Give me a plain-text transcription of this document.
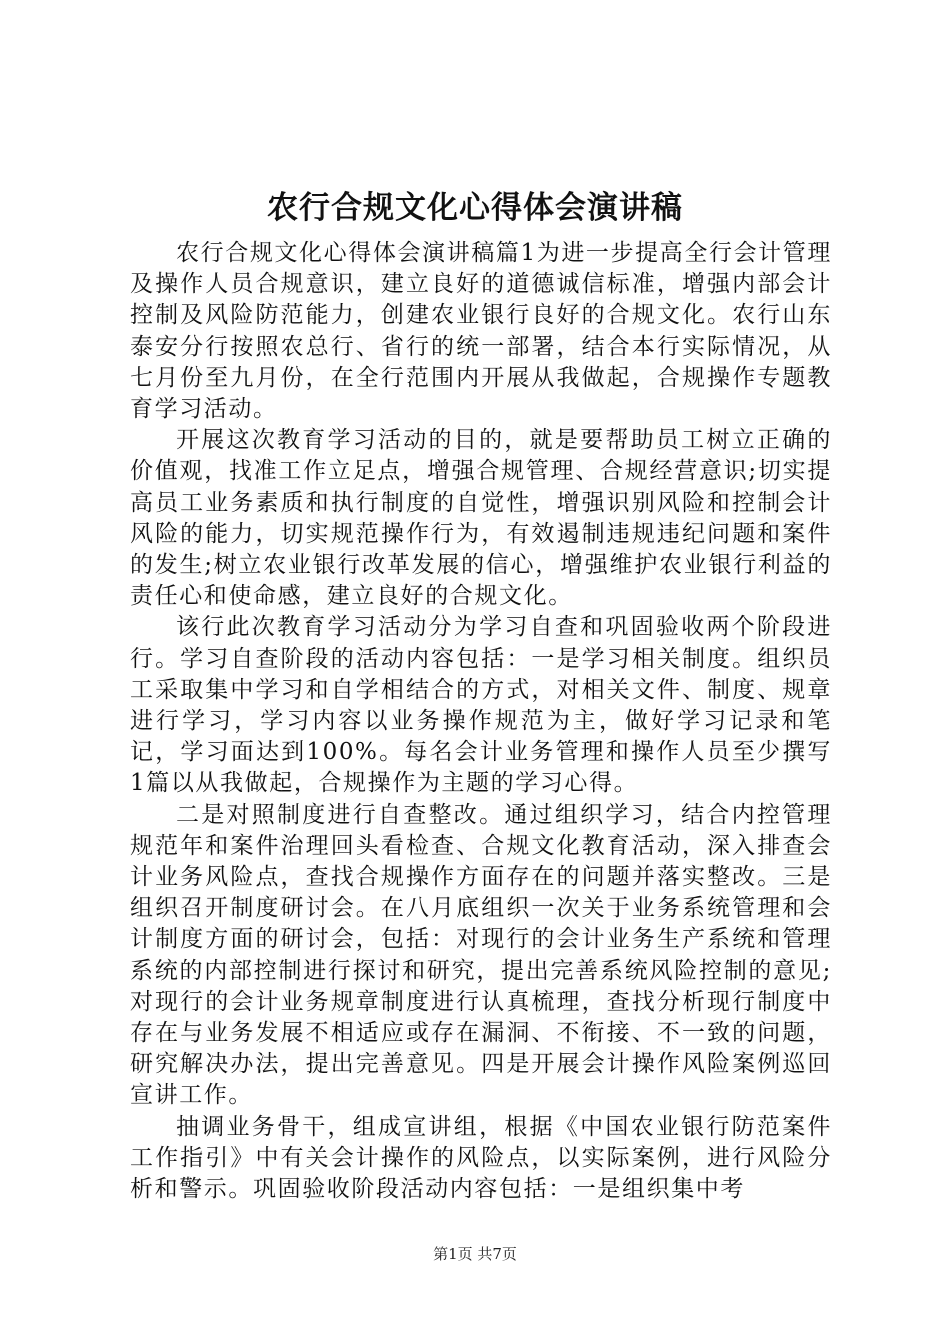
农行合规文化心得体会演讲稿

农行合规文化心得体会演讲稿篇1为进一步提高全行会计管理及操作人员合规意识，建立良好的道德诚信标准，增强内部会计控制及风险防范能力，创建农业银行良好的合规文化。农行山东泰安分行按照农总行、省行的统一部署，结合本行实际情况，从七月份至九月份，在全行范围内开展从我做起，合规操作专题教育学习活动。

开展这次教育学习活动的目的，就是要帮助员工树立正确的价值观，找准工作立足点，增强合规管理、合规经营意识;切实提高员工业务素质和执行制度的自觉性，增强识别风险和控制会计风险的能力，切实规范操作行为，有效遏制违规违纪问题和案件的发生;树立农业银行改革发展的信心，增强维护农业银行利益的责任心和使命感，建立良好的合规文化。

该行此次教育学习活动分为学习自查和巩固验收两个阶段进行。学习自查阶段的活动内容包括：一是学习相关制度。组织员工采取集中学习和自学相结合的方式，对相关文件、制度、规章进行学习，学习内容以业务操作规范为主，做好学习记录和笔记，学习面达到100%。每名会计业务管理和操作人员至少撰写1篇以从我做起，合规操作为主题的学习心得。

二是对照制度进行自查整改。通过组织学习，结合内控管理规范年和案件治理回头看检查、合规文化教育活动，深入排查会计业务风险点，查找合规操作方面存在的问题并落实整改。三是组织召开制度研讨会。在八月底组织一次关于业务系统管理和会计制度方面的研讨会，包括：对现行的会计业务生产系统和管理系统的内部控制进行探讨和研究，提出完善系统风险控制的意见;对现行的会计业务规章制度进行认真梳理，查找分析现行制度中存在与业务发展不相适应或存在漏洞、不衔接、不一致的问题，研究解决办法，提出完善意见。四是开展会计操作风险案例巡回宣讲工作。

抽调业务骨干，组成宣讲组，根据《中国农业银行防范案件工作指引》中有关会计操作的风险点，以实际案例，进行风险分析和警示。巩固验收阶段活动内容包括：一是组织集中考

第1页 共7页
